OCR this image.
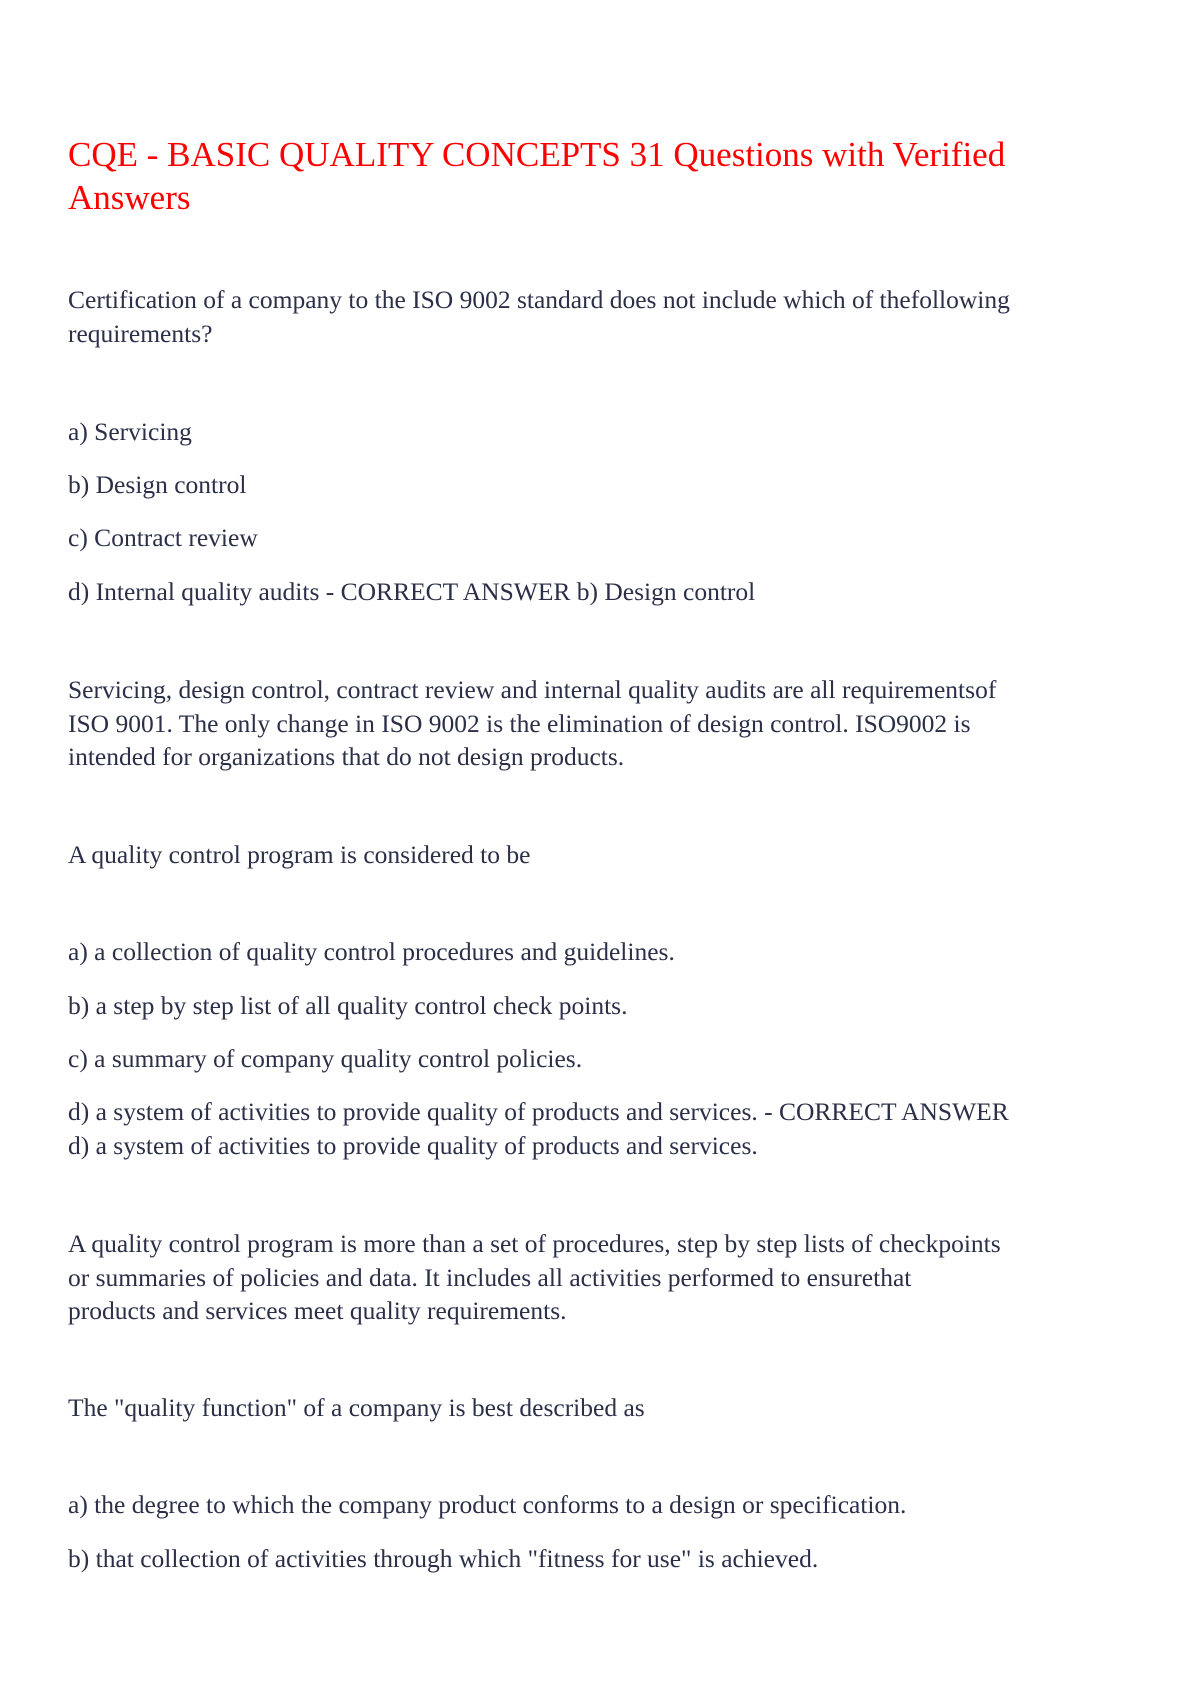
CQE - BASIC QUALITY CONCEPTS 31 Questions with Verified
Answers
Certification of a company to the ISO 9002 standard does not include which of thefollowing
requirements?
a) Servicing
b) Design control
c) Contract review
d) Internal quality audits - CORRECT ANSWER b) Design control
Servicing, design control, contract review and internal quality audits are all requirementsof
ISO 9001. The only change in ISO 9002 is the elimination of design control. ISO9002 is
intended for organizations that do not design products.
A quality control program is considered to be
a) a collection of quality control procedures and guidelines.
b) a step by step list of all quality control check points.
c) a summary of company quality control policies.
d) a system of activities to provide quality of products and services. - CORRECT ANSWER
d) a system of activities to provide quality of products and services.
A quality control program is more than a set of procedures, step by step lists of checkpoints
or summaries of policies and data. It includes all activities performed to ensurethat
products and services meet quality requirements.
The "quality function" of a company is best described as
a) the degree to which the company product conforms to a design or specification.
b) that collection of activities through which "fitness for use" is achieved.
